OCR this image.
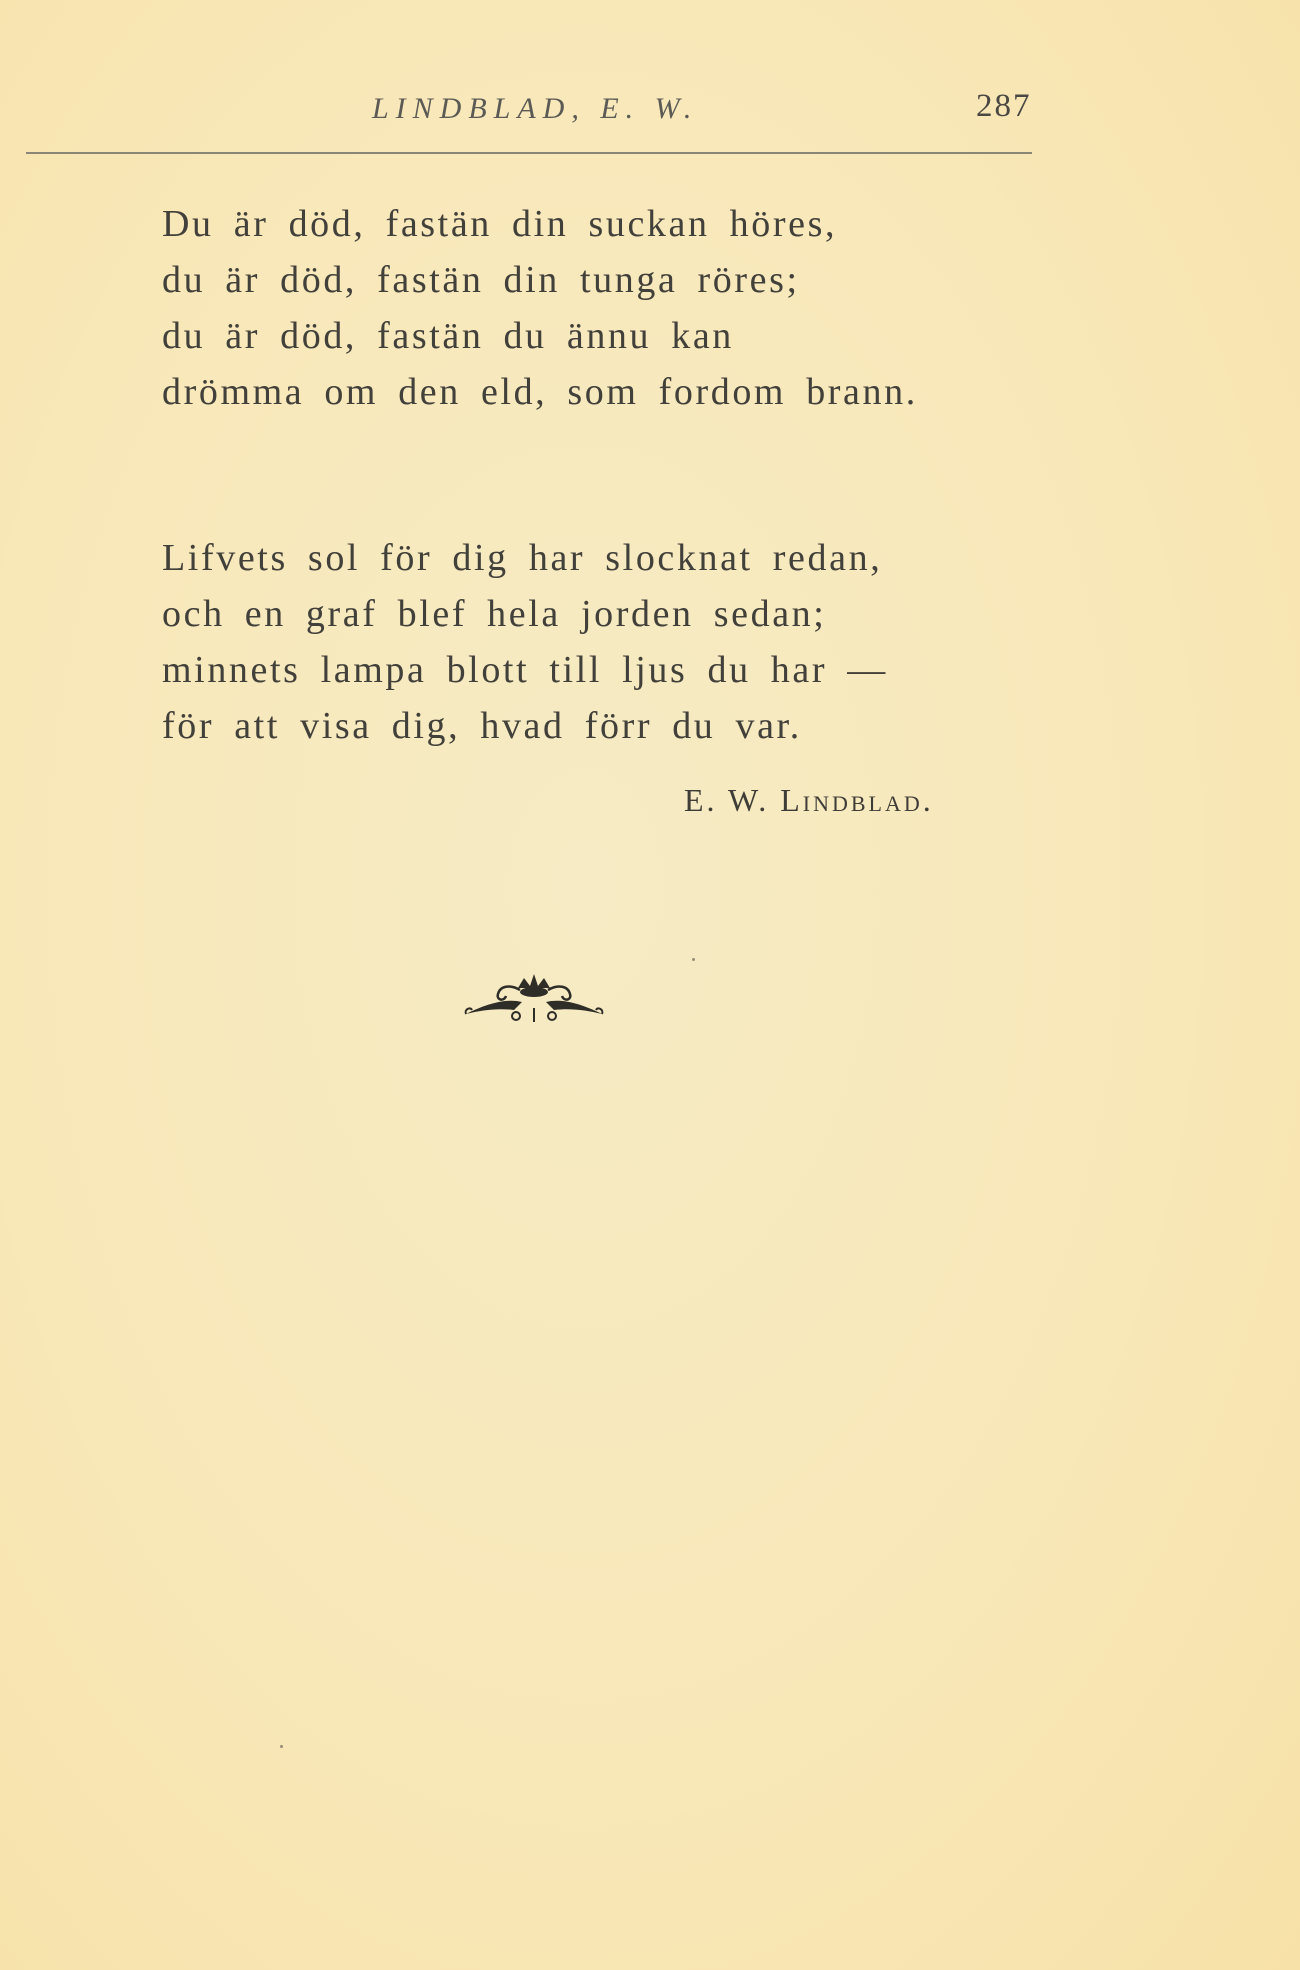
LINDBLAD, E. W.	287
Du är död, fastän din suckan höres,
du är död, fastän din tunga röres;
du är död, fastän du ännu kan
drömma om den eld, som fordom brann.
Lifvets sol för dig har slocknat redan,
och en graf blef hela jorden sedan;
minnets lampa blott till ljus du har —
för att visa dig, hvad förr du var.
E. W. Lindblad.
